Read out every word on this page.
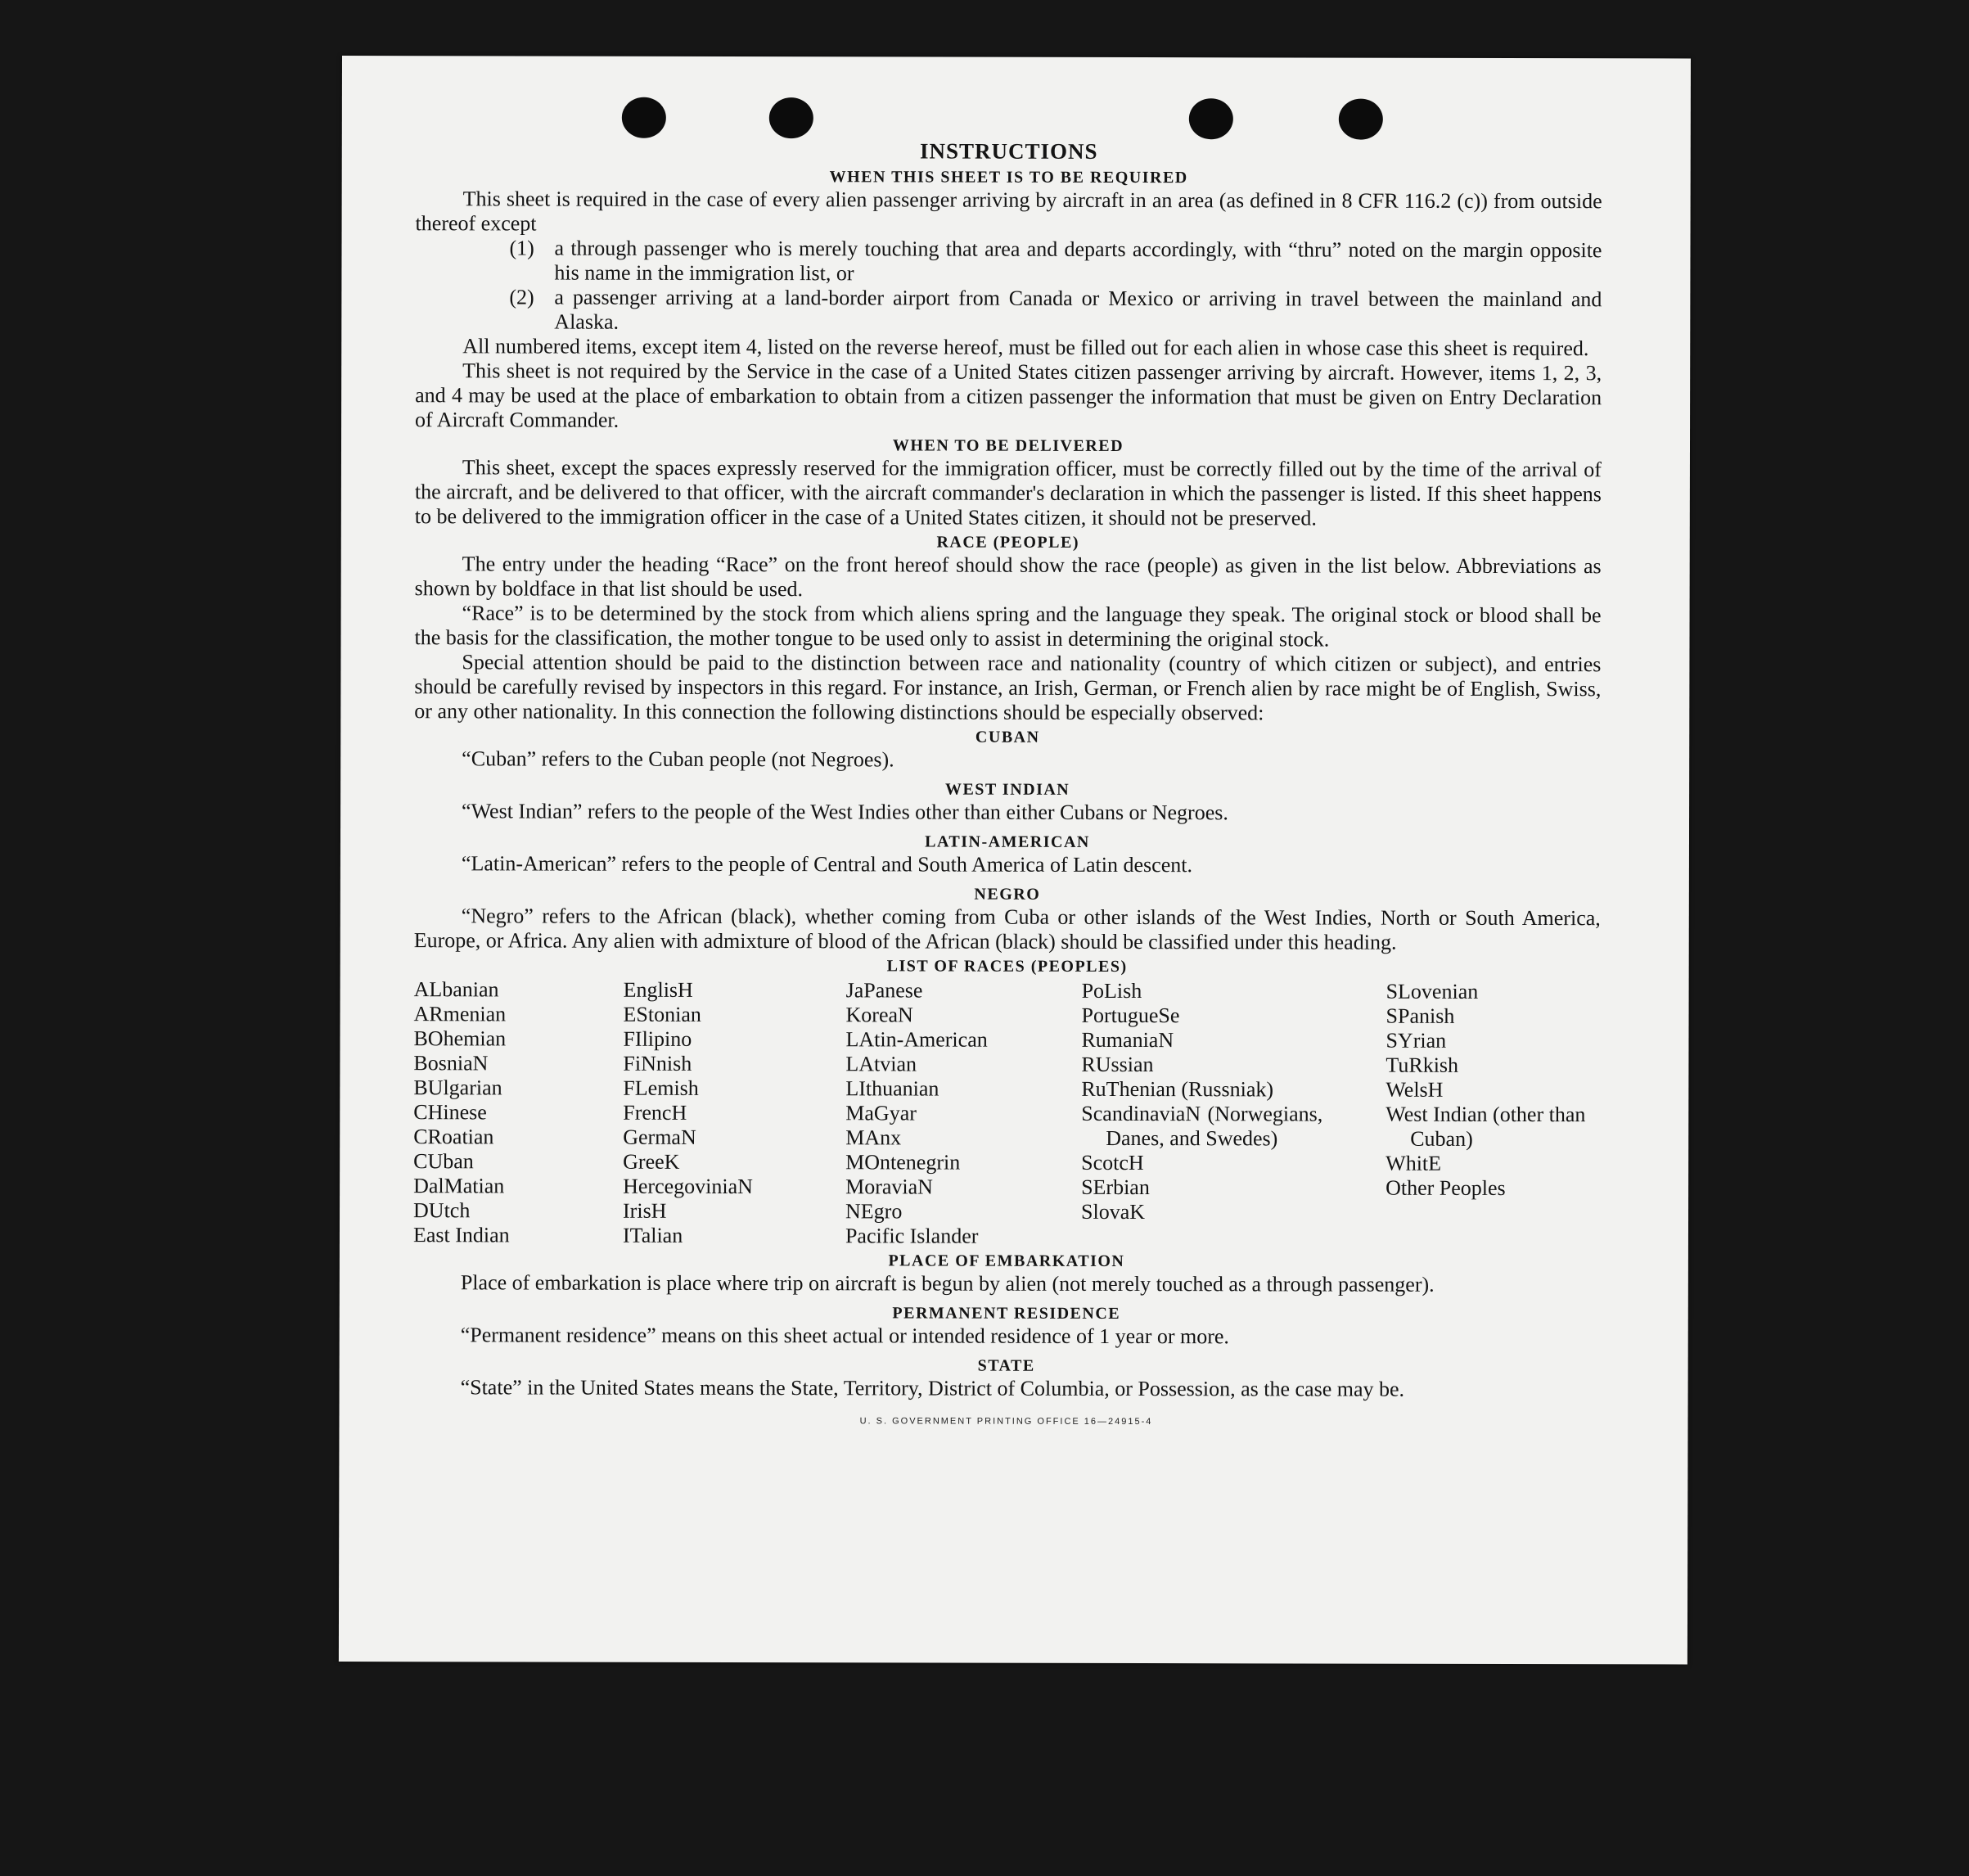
INSTRUCTIONS
WHEN THIS SHEET IS TO BE REQUIRED

This sheet is required in the case of every alien passenger arriving by aircraft in an area (as defined in 8 CFR 116.2 (c)) from outside thereof except

(1) a through passenger who is merely touching that area and departs accordingly, with “thru” noted on the margin opposite his name in the immigration list, or
(2) a passenger arriving at a land-border airport from Canada or Mexico or arriving in travel between the mainland and Alaska.

All numbered items, except item 4, listed on the reverse hereof, must be filled out for each alien in whose case this sheet is required.

This sheet is not required by the Service in the case of a United States citizen passenger arriving by aircraft. However, items 1, 2, 3, and 4 may be used at the place of embarkation to obtain from a citizen passenger the information that must be given on Entry Declaration of Aircraft Commander.

WHEN TO BE DELIVERED

This sheet, except the spaces expressly reserved for the immigration officer, must be correctly filled out by the time of the arrival of the aircraft, and be delivered to that officer, with the aircraft commander's declaration in which the passenger is listed. If this sheet happens to be delivered to the immigration officer in the case of a United States citizen, it should not be preserved.

RACE (PEOPLE)

The entry under the heading “Race” on the front hereof should show the race (people) as given in the list below. Abbreviations as shown by boldface in that list should be used.

“Race” is to be determined by the stock from which aliens spring and the language they speak. The original stock or blood shall be the basis for the classification, the mother tongue to be used only to assist in determining the original stock.

Special attention should be paid to the distinction between race and nationality (country of which citizen or subject), and entries should be carefully revised by inspectors in this regard. For instance, an Irish, German, or French alien by race might be of English, Swiss, or any other nationality. In this connection the following distinctions should be especially observed:

CUBAN

“Cuban” refers to the Cuban people (not Negroes).

WEST INDIAN

“West Indian” refers to the people of the West Indies other than either Cubans or Negroes.

LATIN-AMERICAN

“Latin-American” refers to the people of Central and South America of Latin descent.

NEGRO

“Negro” refers to the African (black), whether coming from Cuba or other islands of the West Indies, North or South America, Europe, or Africa. Any alien with admixture of blood of the African (black) should be classified under this heading.

LIST OF RACES (PEOPLES)
ALbanian
ARmenian
BOhemian
BosniaN
BUlgarian
CHinese
CRoatian
CUban
DalMatian
DUtch
East Indian
EnglisH
EStonian
FIlipino
FiNnish
FLemish
FrencH
GermaN
GreeK
HercegoviniaN
IrisH
ITalian
JaPanese
KoreaN
LAtin-American
LAtvian
LIthuanian
MaGyar
MAnx
MOntenegrin
MoraviaN
NEgro
Pacific Islander
PoLish
PortugueSe
RumaniaN
RUssian
RuThenian (Russniak)
ScandinaviaN (Norwegians, Danes, and Swedes)
ScotcH
SErbian
SlovaK
SLovenian
SPanish
SYrian
TuRkish
WelsH
West Indian (other than Cuban)
WhitE
Other Peoples
PLACE OF EMBARKATION

Place of embarkation is place where trip on aircraft is begun by alien (not merely touched as a through passenger).

PERMANENT RESIDENCE

“Permanent residence” means on this sheet actual or intended residence of 1 year or more.

STATE

“State” in the United States means the State, Territory, District of Columbia, or Possession, as the case may be.

U. S. GOVERNMENT PRINTING OFFICE 16—24915-4
